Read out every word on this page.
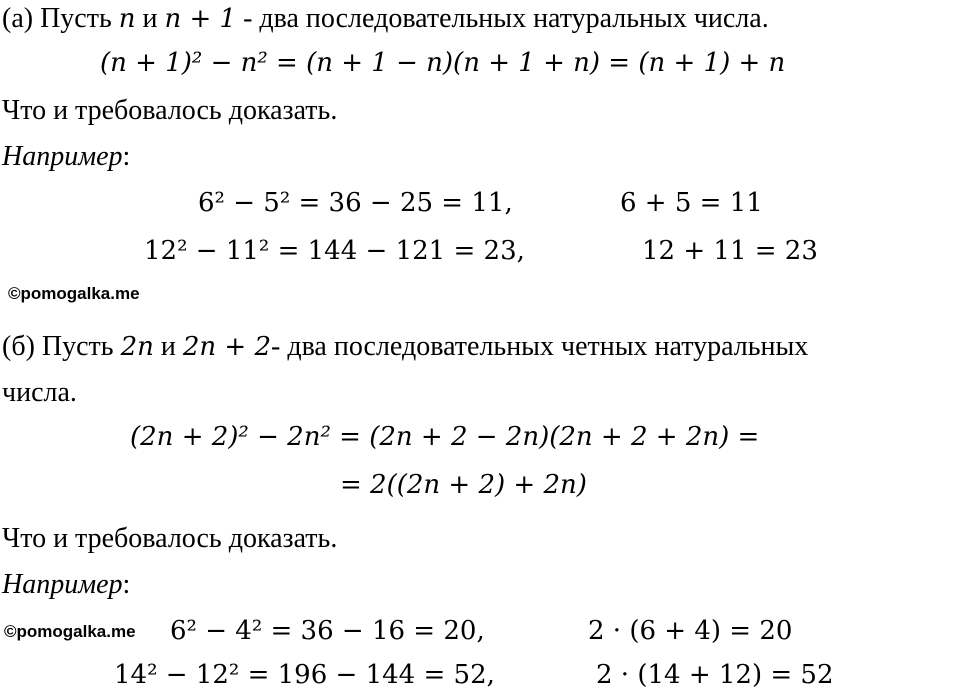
(а) Пусть n и n + 1 - два последовательных натуральных числа.
(n + 1)² − n² = (n + 1 − n)(n + 1 + n) = (n + 1) + n
Что и требовалось доказать.
Например:
6² − 5² = 36 − 25 = 11,	6 + 5 = 11
12² − 11² = 144 − 121 = 23,	12 + 11 = 23
©pomogalka.me
(б) Пусть 2n и 2n + 2- два последовательных четных натуральных
числа.
(2n + 2)² − 2n² = (2n + 2 − 2n)(2n + 2 + 2n) =
= 2((2n + 2) + 2n)
Что и требовалось доказать.
Например:
©pomogalka.me 6² − 4² = 36 − 16 = 20,	2 · (6 + 4) = 20
14² − 12² = 196 − 144 = 52,	2 · (14 + 12) = 52
